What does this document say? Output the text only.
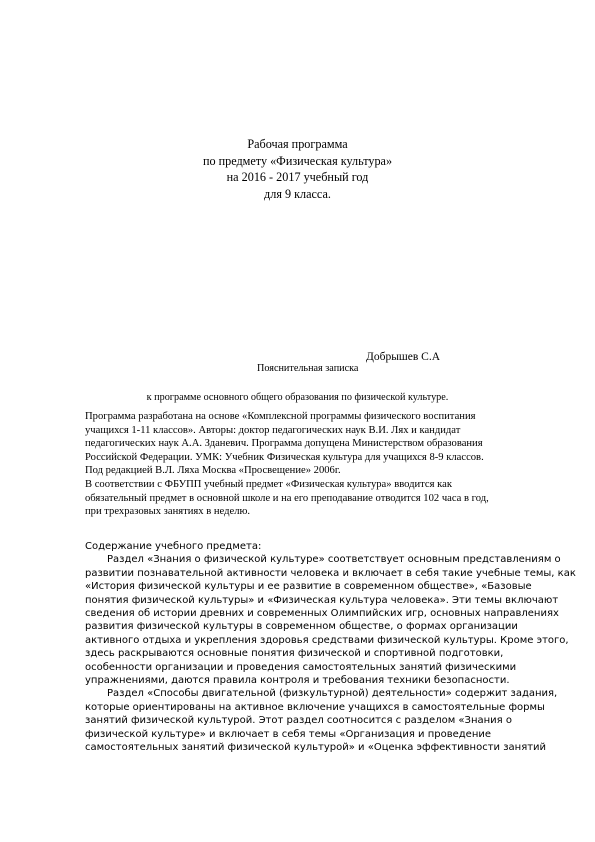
Рабочая программа
по предмету «Физическая культура»
на 2016 - 2017 учебный год
для 9 класса.
Добрышев С.А
Пояснительная записка
к программе основного общего образования по физической культуре.
Программа разработана на основе «Комплексной программы физического воспитания
учащихся 1-11 классов». Авторы: доктор педагогических наук В.И. Лях и кандидат
педагогических наук А.А. Зданевич. Программа допущена Министерством образования
Российской Федерации. УМК: Учебник Физическая культура для учащихся 8-9 классов.
Под редакцией В.Л. Ляха Москва «Просвещение» 2006г.
В соответствии с ФБУПП учебный предмет «Физическая культура» вводится как
обязательный предмет в основной школе и на его преподавание отводится 102 часа в год,
при трехразовых занятиях в неделю.
Содержание учебного предмета:
Раздел «Знания о физической культуре» соответствует основным представлениям о
развитии познавательной активности человека и включает в себя такие учебные темы, как
«История физической культуры и ее развитие в современном обществе», «Базовые
понятия физической культуры» и «Физическая культура человека». Эти темы включают
сведения об истории древних и современных Олимпийских игр, основных направлениях
развития физической культуры в современном обществе, о формах организации
активного отдыха и укрепления здоровья средствами физической культуры. Кроме этого,
здесь раскрываются основные понятия физической и спортивной подготовки,
особенности организации и проведения самостоятельных занятий физическими
упражнениями, даются правила контроля и требования техники безопасности.
Раздел «Способы двигательной (физкультурной) деятельности» содержит задания,
которые ориентированы на активное включение учащихся в самостоятельные формы
занятий физической культурой. Этот раздел соотносится с разделом «Знания о
физической культуре» и включает в себя темы «Организация и проведение
самостоятельных занятий физической культурой» и «Оценка эффективности занятий
